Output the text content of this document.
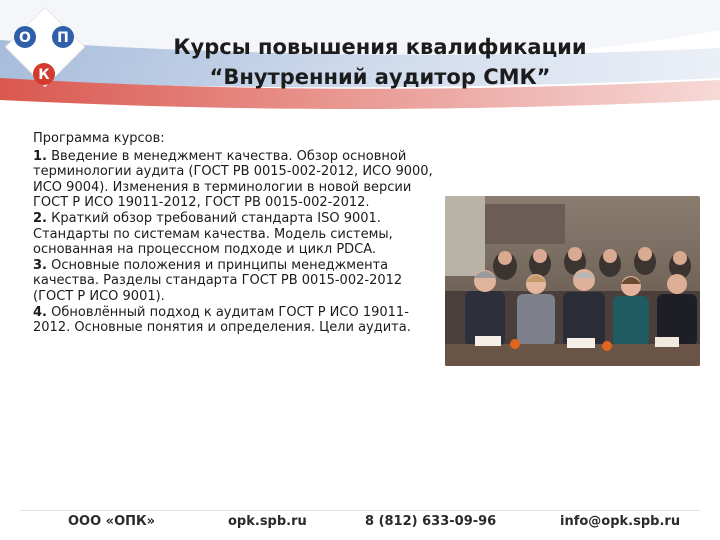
О П
К
Курсы повышения квалификации
“Внутренний аудитор СМК”

Программа курсов:

1. Введение в менеджмент качества. Обзор основной терминологии аудита (ГОСТ РВ 0015-002-2012, ИСО 9000, ИСО 9004). Изменения в терминологии в новой версии ГОСТ Р ИСО 19011-2012, ГОСТ РВ 0015-002-2012.

2. Краткий обзор требований стандарта ISO 9001. Стандарты по системам качества. Модель системы, основанная на процессном подходе и цикл PDCA.

3. Основные положения и принципы менеджмента качества. Разделы стандарта ГОСТ РВ 0015-002-2012 (ГОСТ Р ИСО 9001).

4. Обновлённый подход к аудитам ГОСТ Р ИСО 19011-2012. Основные понятия и определения. Цели аудита.

ООО «ОПК»	opk.spb.ru	8 (812) 633-09-96	info@opk.spb.ru
